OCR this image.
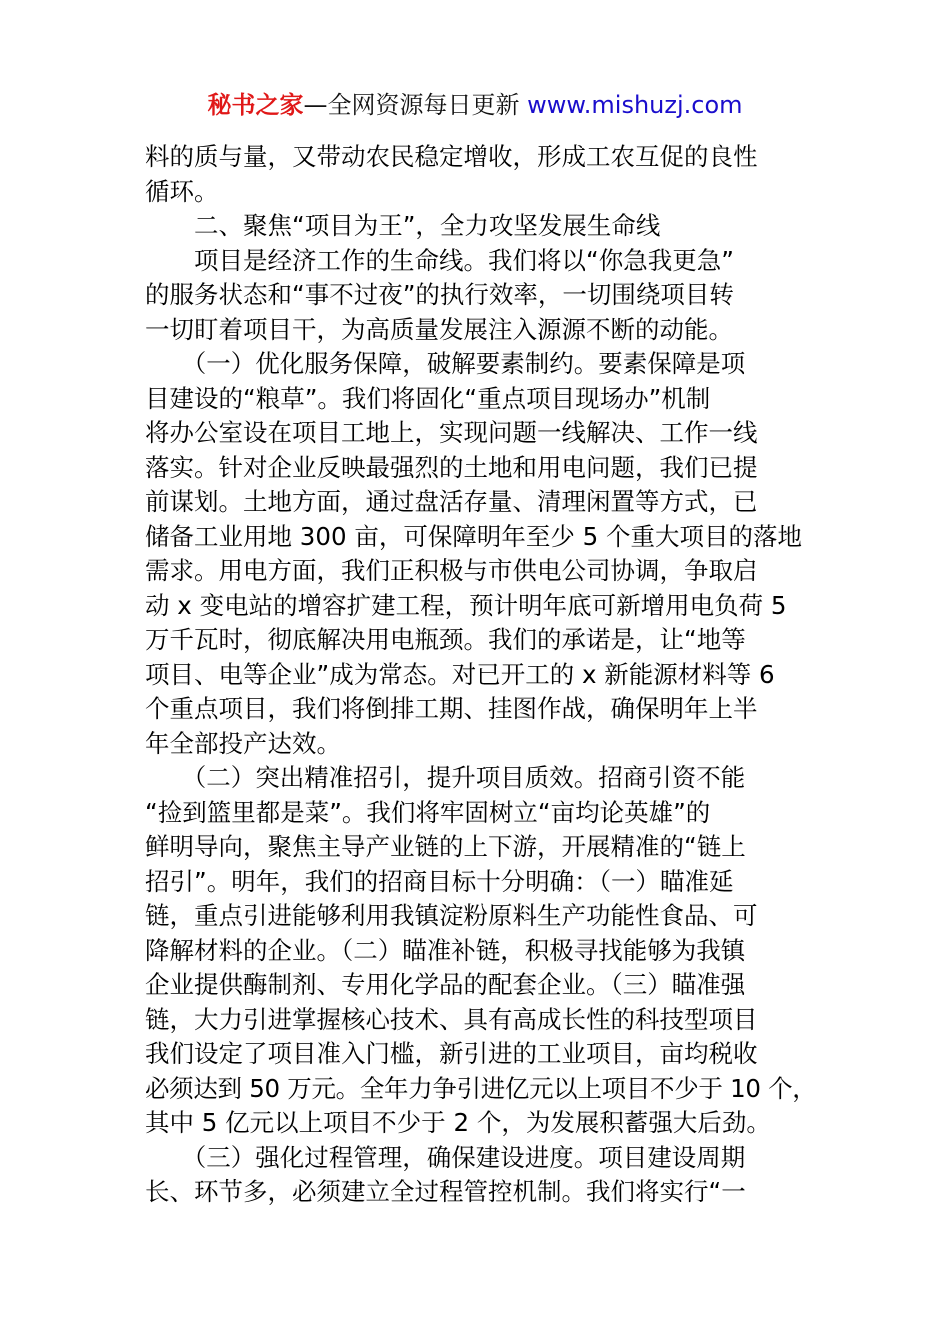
秘书之家—全网资源每日更新 www.mishuzj.com
料的质与量，又带动农民稳定增收，形成工农互促的良性
循环。
　　二、聚焦“项目为王”，全力攻坚发展生命线
　　项目是经济工作的生命线。我们将以“你急我更急”
的服务状态和“事不过夜”的执行效率，一切围绕项目转
一切盯着项目干，为高质量发展注入源源不断的动能。
　　（一）优化服务保障，破解要素制约。要素保障是项
目建设的“粮草”。我们将固化“重点项目现场办”机制
将办公室设在项目工地上，实现问题一线解决、工作一线
落实。针对企业反映最强烈的土地和用电问题，我们已提
前谋划。土地方面，通过盘活存量、清理闲置等方式，已
储备工业用地 300 亩，可保障明年至少 5 个重大项目的落地
需求。用电方面，我们正积极与市供电公司协调，争取启
动 x 变电站的增容扩建工程，预计明年底可新增用电负荷 5
万千瓦时，彻底解决用电瓶颈。我们的承诺是，让“地等
项目、电等企业”成为常态。对已开工的 x 新能源材料等 6
个重点项目，我们将倒排工期、挂图作战，确保明年上半
年全部投产达效。
　　（二）突出精准招引，提升项目质效。招商引资不能
“捡到篮里都是菜”。我们将牢固树立“亩均论英雄”的
鲜明导向，聚焦主导产业链的上下游，开展精准的“链上
招引”。明年，我们的招商目标十分明确：（一）瞄准延
链，重点引进能够利用我镇淀粉原料生产功能性食品、可
降解材料的企业。（二）瞄准补链，积极寻找能够为我镇
企业提供酶制剂、专用化学品的配套企业。（三）瞄准强
链，大力引进掌握核心技术、具有高成长性的科技型项目
我们设定了项目准入门槛，新引进的工业项目，亩均税收
必须达到 50 万元。全年力争引进亿元以上项目不少于 10 个，
其中 5 亿元以上项目不少于 2 个，为发展积蓄强大后劲。
　　（三）强化过程管理，确保建设进度。项目建设周期
长、环节多，必须建立全过程管控机制。我们将实行“一
